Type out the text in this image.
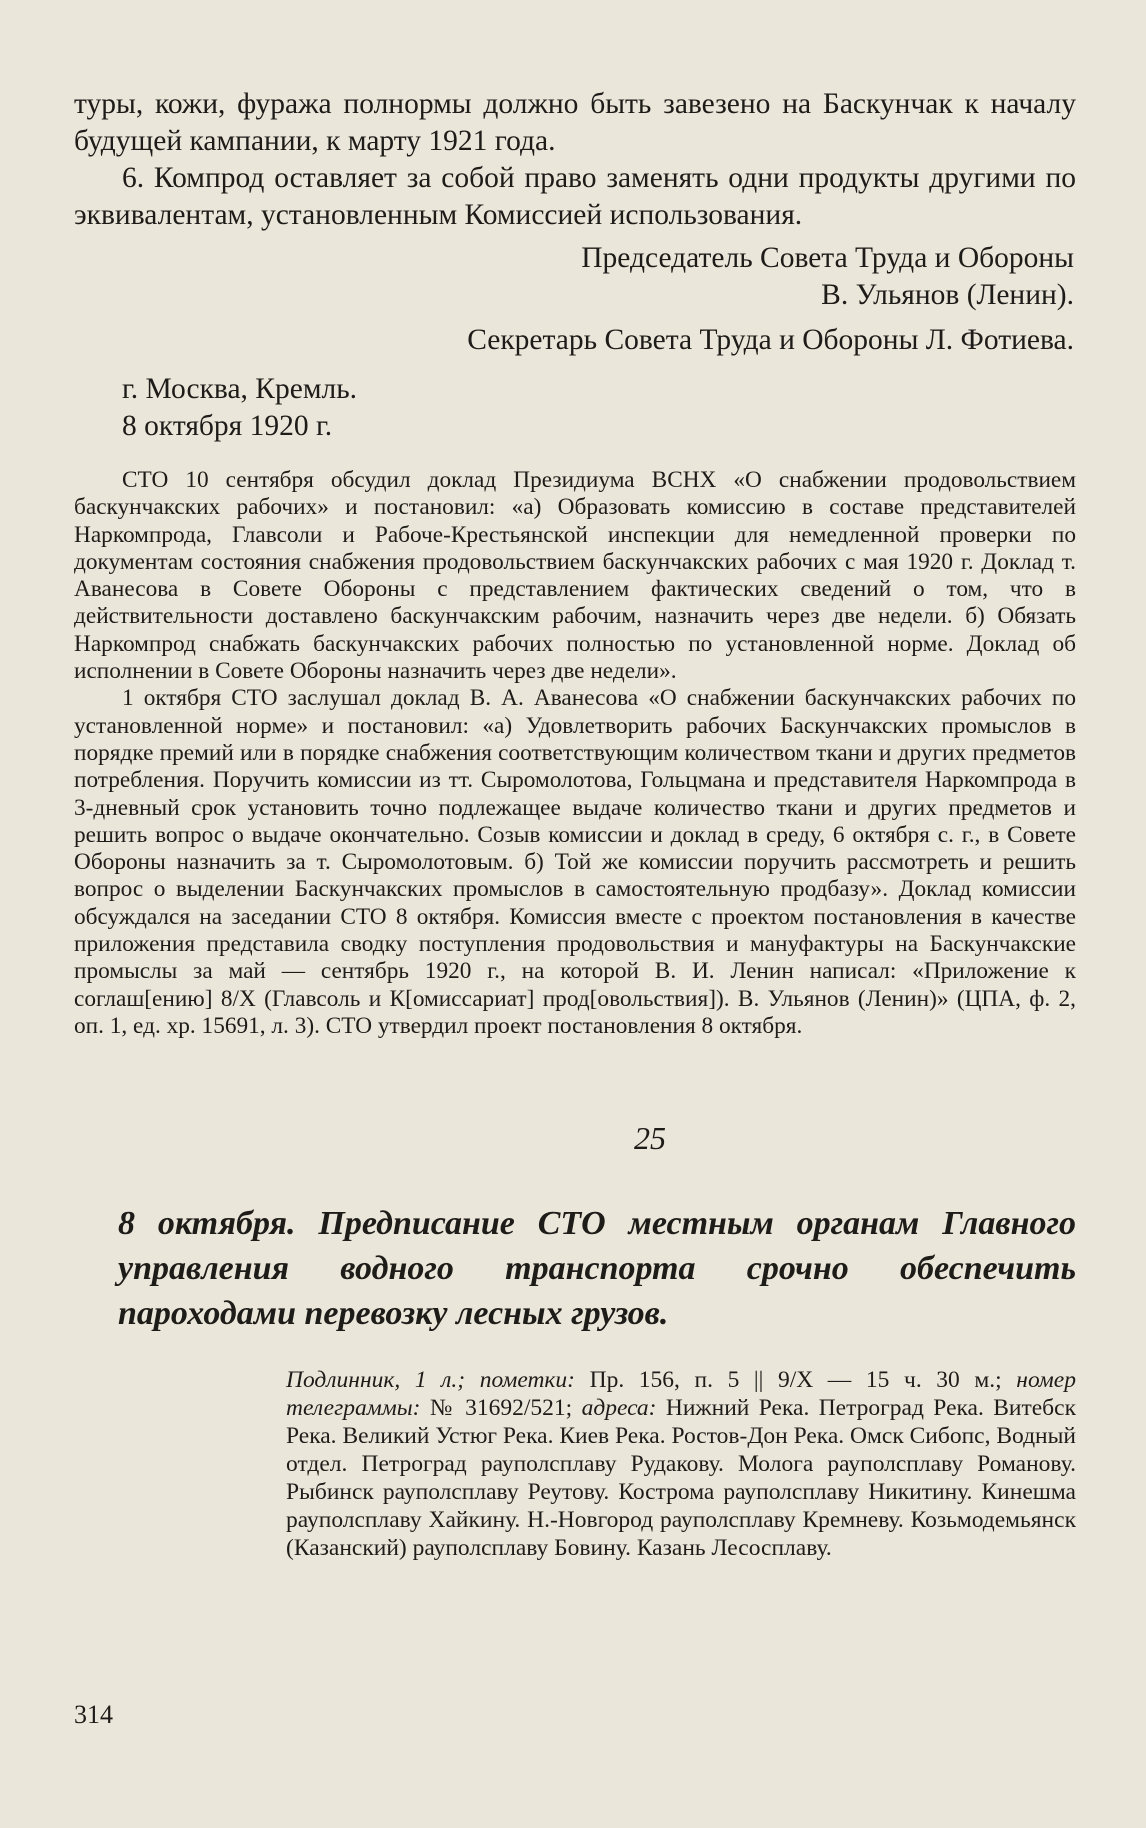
туры, кожи, фуража полнормы должно быть завезено на Баскунчак к началу будущей кампании, к марту 1921 года.

6. Компрод оставляет за собой право заменять одни продукты другими по эквивалентам, установленным Комиссией использования.

Председатель Совета Труда и Обороны

В. Ульянов (Ленин).

Секретарь Совета Труда и Обороны Л. Фотиева.

г. Москва, Кремль.
8 октября 1920 г.

СТО 10 сентября обсудил доклад Президиума ВСНХ «О снабжении продовольствием баскунчакских рабочих» и постановил: «а) Образовать комиссию в составе представителей Наркомпрода, Главсоли и Рабоче-Крестьянской инспекции для немедленной проверки по документам состояния снабжения продовольствием баскунчакских рабочих с мая 1920 г. Доклад т. Аванесова в Совете Обороны с представлением фактических сведений о том, что в действительности доставлено баскунчакским рабочим, назначить через две недели. б) Обязать Наркомпрод снабжать баскунчакских рабочих полностью по установленной норме. Доклад об исполнении в Совете Обороны назначить через две недели».

1 октября СТО заслушал доклад В. А. Аванесова «О снабжении баскунчакских рабочих по установленной норме» и постановил: «а) Удовлетворить рабочих Баскунчакских промыслов в порядке премий или в порядке снабжения соответствующим количеством ткани и других предметов потребления. Поручить комиссии из тт. Сыромолотова, Гольцмана и представителя Наркомпрода в 3-дневный срок установить точно подлежащее выдаче количество ткани и других предметов и решить вопрос о выдаче окончательно. Созыв комиссии и доклад в среду, 6 октября с. г., в Совете Обороны назначить за т. Сыромолотовым. б) Той же комиссии поручить рассмотреть и решить вопрос о выделении Баскунчакских промыслов в самостоятельную продбазу». Доклад комиссии обсуждался на заседании СТО 8 октября. Комиссия вместе с проектом постановления в качестве приложения представила сводку поступления продовольствия и мануфактуры на Баскунчакские промыслы за май — сентябрь 1920 г., на которой В. И. Ленин написал: «Приложение к соглаш[ению] 8/X (Главсоль и К[омиссариат] прод[овольствия]). В. Ульянов (Ленин)» (ЦПА, ф. 2, оп. 1, ед. хр. 15691, л. 3). СТО утвердил проект постановления 8 октября.

25

8 октября. Предписание СТО местным органам Главного управления водного транспорта срочно обеспечить пароходами перевозку лесных грузов.

Подлинник, 1 л.; пометки: Пр. 156, п. 5 || 9/X — 15 ч. 30 м.; номер телеграммы: № 31692/521; адреса: Нижний Река. Петроград Река. Витебск Река. Великий Устюг Река. Киев Река. Ростов-Дон Река. Омск Сибопс, Водный отдел. Петроград рауполсплаву Рудакову. Молога рауполсплаву Романову. Рыбинск рауполсплаву Реутову. Кострома рауполсплаву Никитину. Кинешма рауполсплаву Хайкину. Н.-Новгород рауполсплаву Кремневу. Козьмодемьянск (Казанский) рауполсплаву Бовину. Казань Лесосплаву.
314
